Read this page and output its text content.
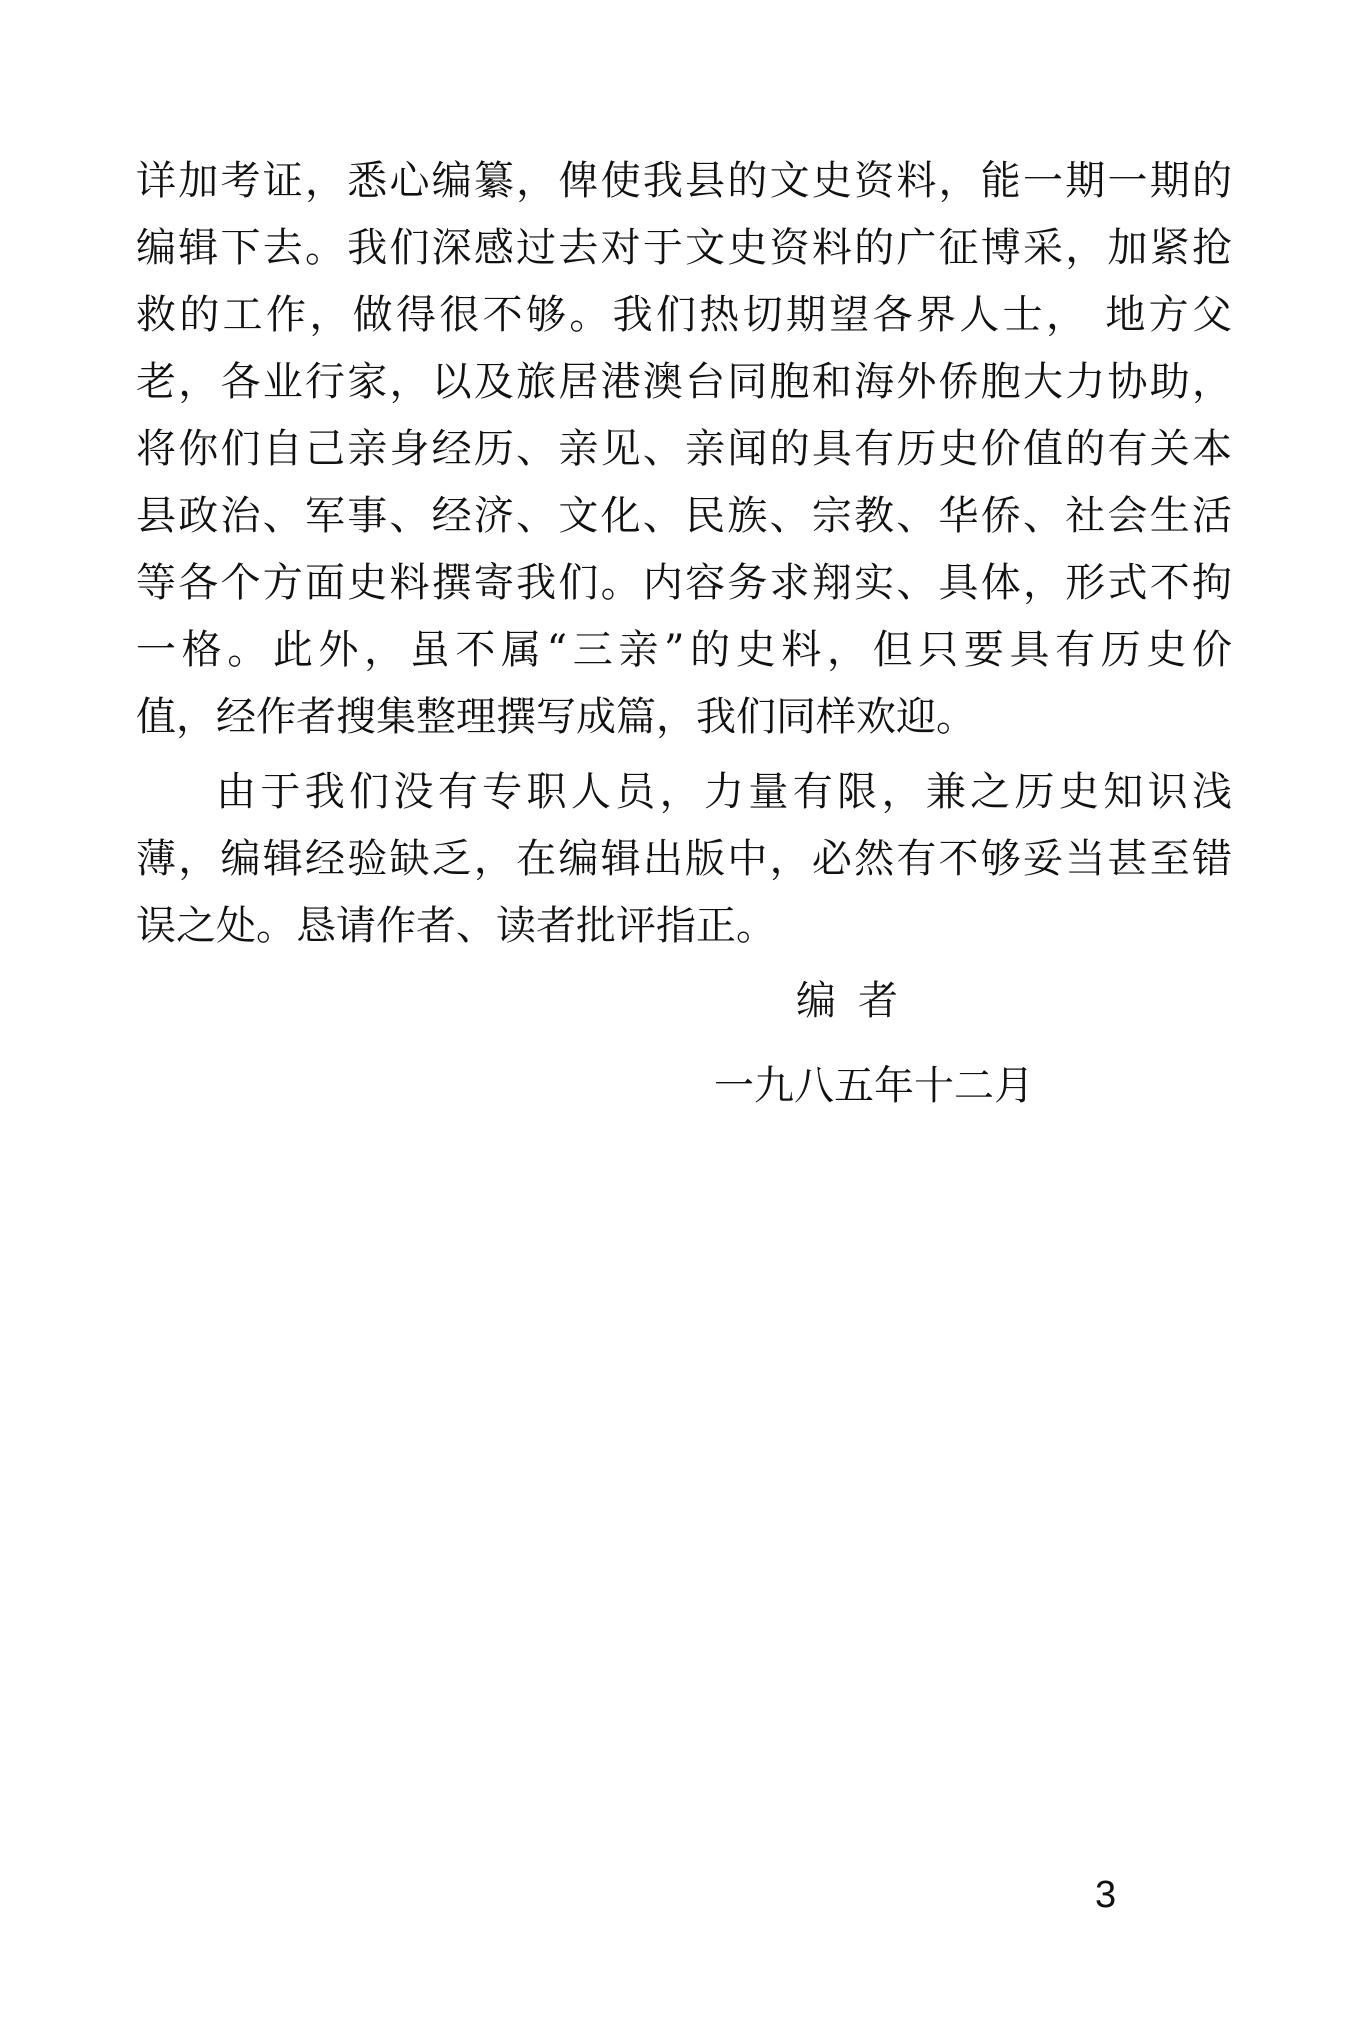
详加考证，悉心编纂，俾使我县的文史资料，能一期一期的
编辑下去。我们深感过去对于文史资料的广征博采，加紧抢
救的工作，做得很不够。我们热切期望各界人士， 地方父
老，各业行家，以及旅居港澳台同胞和海外侨胞大力协助，
将你们自己亲身经历、亲见、亲闻的具有历史价值的有关本
县政治、军事、经济、文化、民族、宗教、华侨、社会生活
等各个方面史料撰寄我们。内容务求翔实、具体，形式不拘
一格。此外，虽不属“三亲”的史料，但只要具有历史价
值，经作者搜集整理撰写成篇，我们同样欢迎。
由于我们没有专职人员，力量有限，兼之历史知识浅
薄，编辑经验缺乏，在编辑出版中，必然有不够妥当甚至错
误之处。恳请作者、读者批评指正。
编者
一九八五年十二月
3
